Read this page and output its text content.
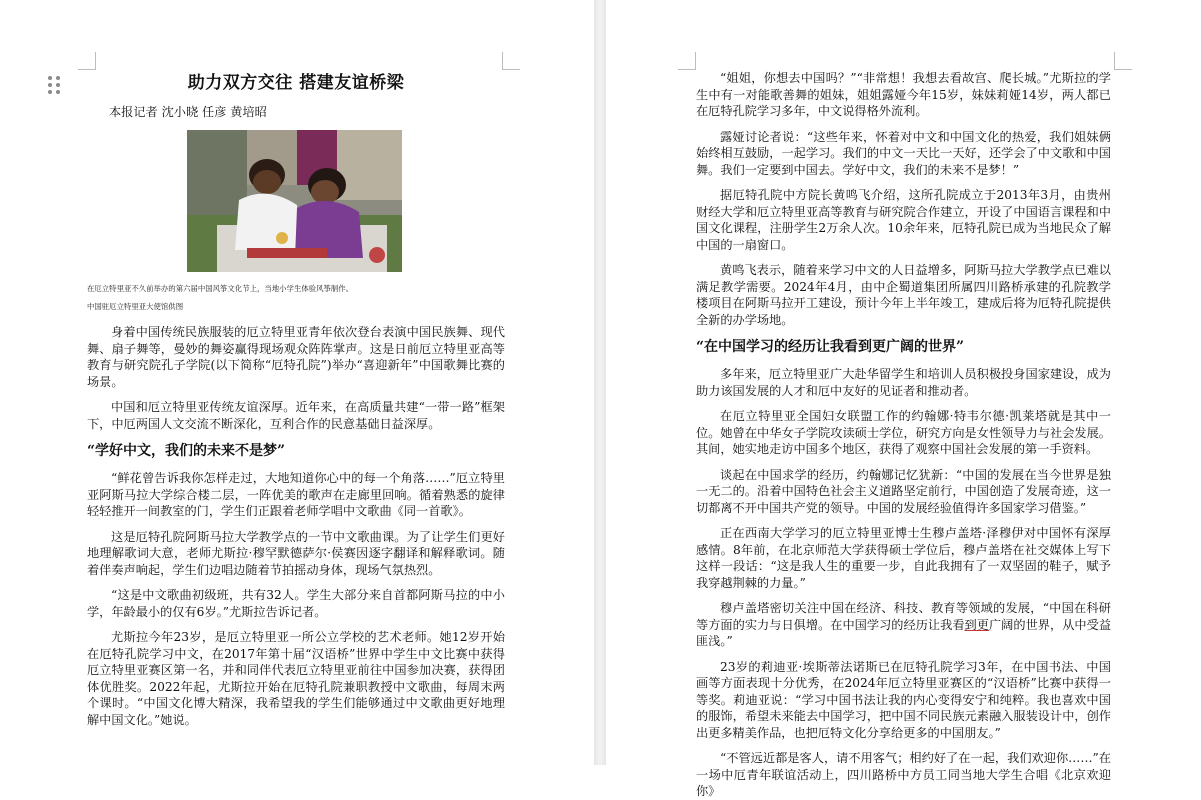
助力双方交往 搭建友谊桥梁
本报记者 沈小晓 任彦 黄培昭

在厄立特里亚不久前举办的第六届中国风筝文化节上，当地小学生体验风筝制作。

中国驻厄立特里亚大使馆供图

身着中国传统民族服装的厄立特里亚青年依次登台表演中国民族舞、现代舞、扇子舞等，曼妙的舞姿赢得现场观众阵阵掌声。这是日前厄立特里亚高等教育与研究院孔子学院(以下简称“厄特孔院”)举办“喜迎新年”中国歌舞比赛的场景。

中国和厄立特里亚传统友谊深厚。近年来，在高质量共建“一带一路”框架下，中厄两国人文交流不断深化，互利合作的民意基础日益深厚。

“学好中文，我们的未来不是梦”

“鲜花曾告诉我你怎样走过，大地知道你心中的每一个角落……”厄立特里亚阿斯马拉大学综合楼二层，一阵优美的歌声在走廊里回响。循着熟悉的旋律轻轻推开一间教室的门，学生们正跟着老师学唱中文歌曲《同一首歌》。

这是厄特孔院阿斯马拉大学教学点的一节中文歌曲课。为了让学生们更好地理解歌词大意，老师尤斯拉·穆罕默德萨尔·侯赛因逐字翻译和解释歌词。随着伴奏声响起，学生们边唱边随着节拍摇动身体，现场气氛热烈。

“这是中文歌曲初级班，共有32人。学生大部分来自首都阿斯马拉的中小学，年龄最小的仅有6岁。”尤斯拉告诉记者。

尤斯拉今年23岁，是厄立特里亚一所公立学校的艺术老师。她12岁开始在厄特孔院学习中文，在2017年第十届“汉语桥”世界中学生中文比赛中获得厄立特里亚赛区第一名，并和同伴代表厄立特里亚前往中国参加决赛，获得团体优胜奖。2022年起，尤斯拉开始在厄特孔院兼职教授中文歌曲，每周末两个课时。“中国文化博大精深，我希望我的学生们能够通过中文歌曲更好地理解中国文化。”她说。

“姐姐，你想去中国吗？”“非常想！我想去看故宫、爬长城。”尤斯拉的学生中有一对能歌善舞的姐妹，姐姐露娅今年15岁，妹妹莉娅14岁，两人都已在厄特孔院学习多年，中文说得格外流利。

露娅讨论者说：“这些年来，怀着对中文和中国文化的热爱，我们姐妹俩始终相互鼓励，一起学习。我们的中文一天比一天好，还学会了中文歌和中国舞。我们一定要到中国去。学好中文，我们的未来不是梦！”

据厄特孔院中方院长黄鸣飞介绍，这所孔院成立于2013年3月，由贵州财经大学和厄立特里亚高等教育与研究院合作建立，开设了中国语言课程和中国文化课程，注册学生2万余人次。10余年来，厄特孔院已成为当地民众了解中国的一扇窗口。

黄鸣飞表示，随着来学习中文的人日益增多，阿斯马拉大学教学点已难以满足教学需要。2024年4月，由中企蜀道集团所属四川路桥承建的孔院教学楼项目在阿斯马拉开工建设，预计今年上半年竣工，建成后将为厄特孔院提供全新的办学场地。

“在中国学习的经历让我看到更广阔的世界”

多年来，厄立特里亚广大赴华留学生和培训人员积极投身国家建设，成为助力该国发展的人才和厄中友好的见证者和推动者。

在厄立特里亚全国妇女联盟工作的约翰娜·特韦尔德·凯莱塔就是其中一位。她曾在中华女子学院攻读硕士学位，研究方向是女性领导力与社会发展。其间，她实地走访中国多个地区，获得了观察中国社会发展的第一手资料。

谈起在中国求学的经历，约翰娜记忆犹新：“中国的发展在当今世界是独一无二的。沿着中国特色社会主义道路坚定前行，中国创造了发展奇迹，这一切都离不开中国共产党的领导。中国的发展经验值得许多国家学习借鉴。”

正在西南大学学习的厄立特里亚博士生穆卢盖塔·泽穆伊对中国怀有深厚感情。8年前，在北京师范大学获得硕士学位后，穆卢盖塔在社交媒体上写下这样一段话：“这是我人生的重要一步，自此我拥有了一双坚固的鞋子，赋予我穿越荆棘的力量。”

穆卢盖塔密切关注中国在经济、科技、教育等领域的发展，“中国在科研等方面的实力与日俱增。在中国学习的经历让我看到更广阔的世界，从中受益匪浅。”

23岁的莉迪亚·埃斯蒂法诺斯已在厄特孔院学习3年，在中国书法、中国画等方面表现十分优秀，在2024年厄立特里亚赛区的“汉语桥”比赛中获得一等奖。莉迪亚说：“学习中国书法让我的内心变得安宁和纯粹。我也喜欢中国的服饰，希望未来能去中国学习，把中国不同民族元素融入服装设计中，创作出更多精美作品，也把厄特文化分享给更多的中国朋友。”

“不管远近都是客人，请不用客气；相约好了在一起，我们欢迎你……”在一场中厄青年联谊活动上，四川路桥中方员工同当地大学生合唱《北京欢迎你》
